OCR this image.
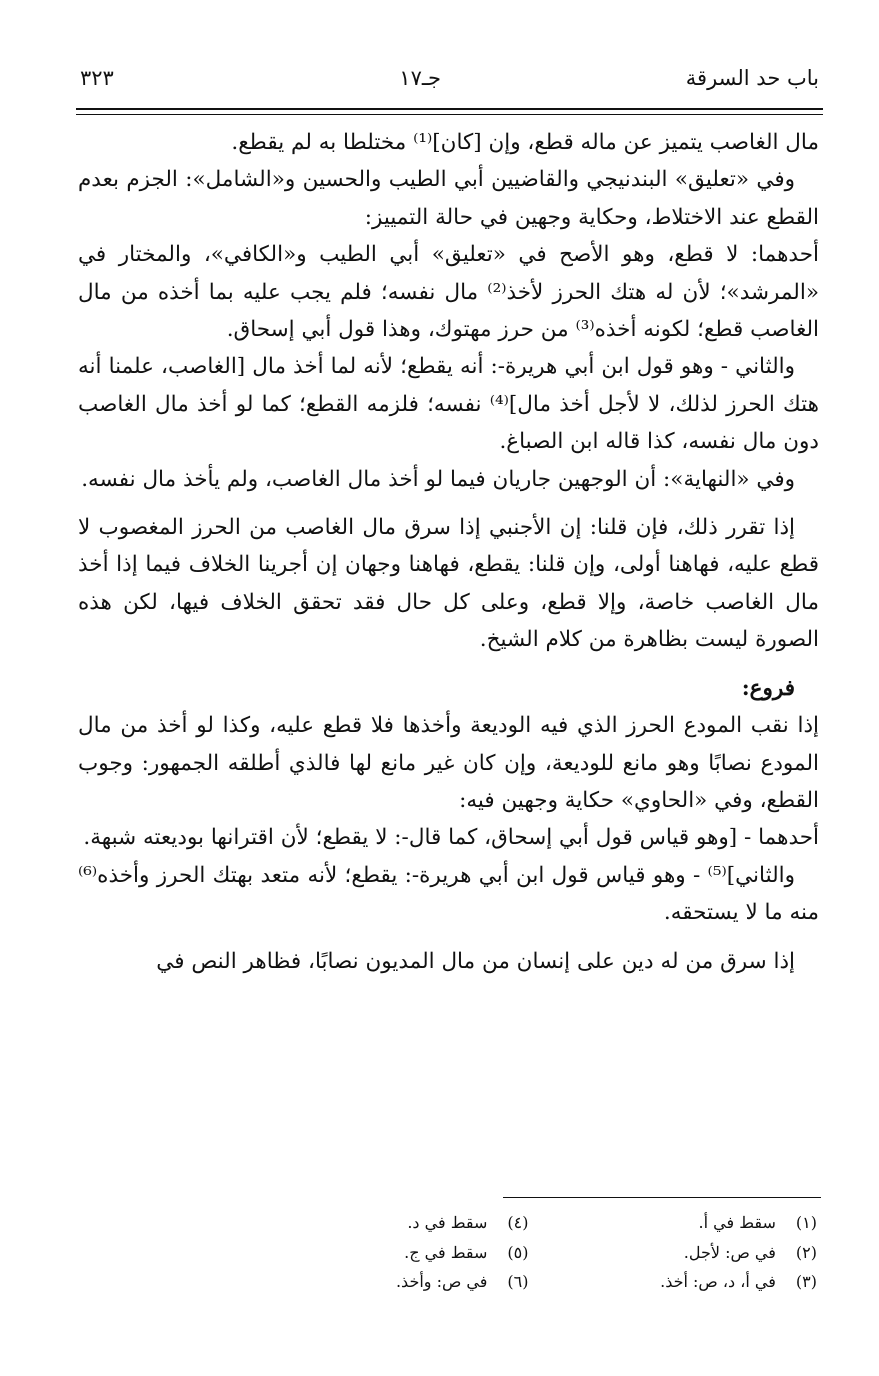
باب حد السرقة
جـ١٧
٣٢٣

مال الغاصب يتميز عن ماله قطع، وإن [كان]⁽¹⁾ مختلطا به لم يقطع.

وفي «تعليق» البندنيجي والقاضيين أبي الطيب والحسين و«الشامل»: الجزم بعدم القطع عند الاختلاط، وحكاية وجهين في حالة التمييز:

أحدهما: لا قطع، وهو الأصح في «تعليق» أبي الطيب و«الكافي»، والمختار في «المرشد»؛ لأن له هتك الحرز لأخذ⁽²⁾ مال نفسه؛ فلم يجب عليه بما أخذه من مال الغاصب قطع؛ لكونه أخذه⁽³⁾ من حرز مهتوك، وهذا قول أبي إسحاق.

والثاني - وهو قول ابن أبي هريرة-: أنه يقطع؛ لأنه لما أخذ مال [الغاصب، علمنا أنه هتك الحرز لذلك، لا لأجل أخذ مال]⁽⁴⁾ نفسه؛ فلزمه القطع؛ كما لو أخذ مال الغاصب دون مال نفسه، كذا قاله ابن الصباغ.

وفي «النهاية»: أن الوجهين جاريان فيما لو أخذ مال الغاصب، ولم يأخذ مال نفسه.

إذا تقرر ذلك، فإن قلنا: إن الأجنبي إذا سرق مال الغاصب من الحرز المغصوب لا قطع عليه، فهاهنا أولى، وإن قلنا: يقطع، فهاهنا وجهان إن أجرينا الخلاف فيما إذا أخذ مال الغاصب خاصة، وإلا قطع، وعلى كل حال فقد تحقق الخلاف فيها، لكن هذه الصورة ليست بظاهرة من كلام الشيخ.

فروع:

إذا نقب المودع الحرز الذي فيه الوديعة وأخذها فلا قطع عليه، وكذا لو أخذ من مال المودع نصابًا وهو مانع للوديعة، وإن كان غير مانع لها فالذي أطلقه الجمهور: وجوب القطع، وفي «الحاوي» حكاية وجهين فيه:

أحدهما - [وهو قياس قول أبي إسحاق، كما قال-: لا يقطع؛ لأن اقترانها بوديعته شبهة.

والثاني]⁽⁵⁾ - وهو قياس قول ابن أبي هريرة-: يقطع؛ لأنه متعد بهتك الحرز وأخذه⁽⁶⁾ منه ما لا يستحقه.

إذا سرق من له دين على إنسان من مال المديون نصابًا، فظاهر النص في

(١) سقط في أ.
(٢) في ص: لأجل.
(٣) في أ، د، ص: أخذ.
(٤) سقط في د.
(٥) سقط في ج.
(٦) في ص: وأخذ.
